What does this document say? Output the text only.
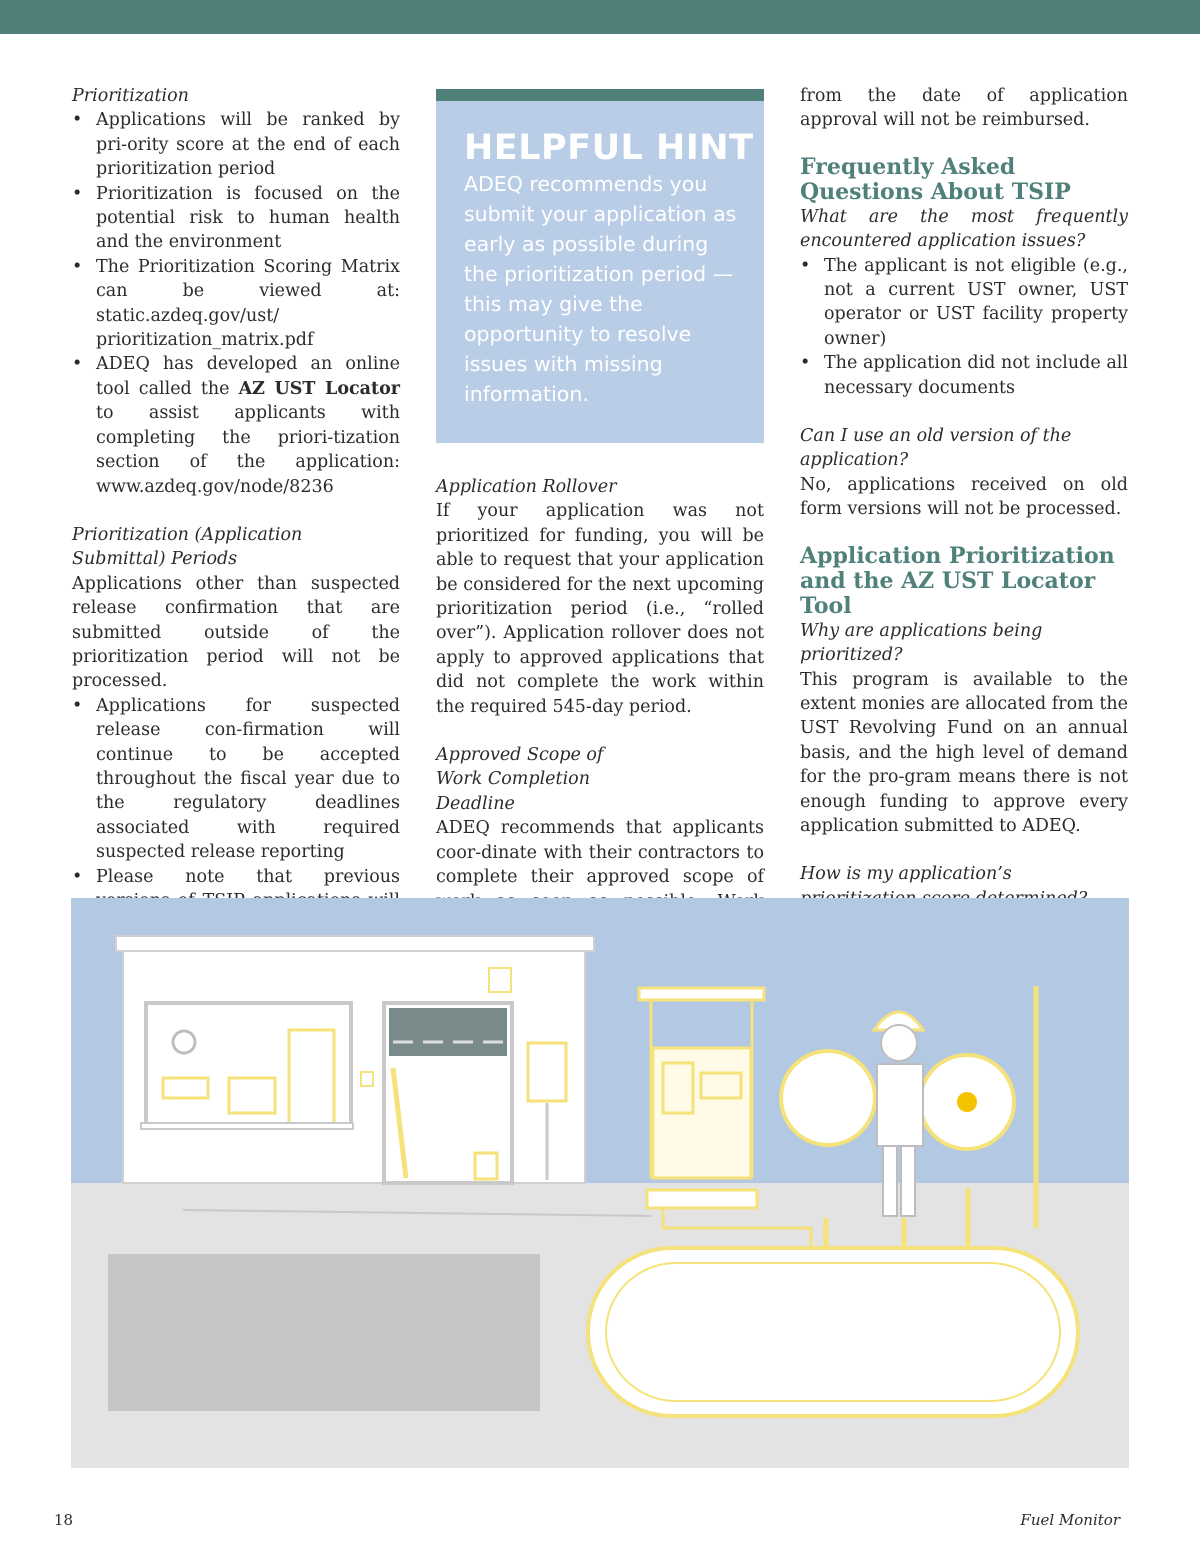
Prioritization

• Applications will be ranked by pri-ority score at the end of each prioritization period
• Prioritization is focused on the potential risk to human health and the environment
• The Prioritization Scoring Matrix can be viewed at: static.azdeq.gov/ust/ prioritization_matrix.pdf
• ADEQ has developed an online tool called the AZ UST Locator to assist applicants with completing the priori-tization section of the application: www.azdeq.gov/node/8236

Prioritization (Application Submittal) Periods

Applications other than suspected release confirmation that are submitted outside of the prioritization period will not be processed.

• Applications for suspected release con-firmation will continue to be accepted throughout the fiscal year due to the regulatory deadlines associated with required suspected release reporting
• Please note that previous
HELPFUL HINT
ADEQ recommends you submit your application as early as possible during the prioritization period — this may give the opportunity to resolve issues with missing information.

Application Rollover

If your application was not prioritized for funding, you will be able to request that your application be considered for the next upcoming prioritization period (i.e., “rolled over”). Application rollover does not apply to approved applications that did not complete the work within the required 545-day period.

Approved Scope of Work Completion Deadline

ADEQ recommends that applicants coor-dinate with their contractors to complete their approved scope of

from the date of application approval will not be reimbursed.

Frequently Asked Questions About TSIP

What are the most frequently encountered application issues?

• The applicant is not eligible (e.g., not a current UST owner, UST operator or UST facility property owner)
• The application did not include all necessary documents

Can I use an old version of the application?

No, applications received on old form versions will not be processed.

Application Prioritization and the AZ UST Locator Tool

Why are applications being prioritized?

This program is available to the extent monies are allocated from the UST Revolving Fund on an annual basis, and the high level of demand for the pro-gram means there is not enough funding to approve every application submitted to ADEQ.

How is my application’s

18	Fuel Monitor
